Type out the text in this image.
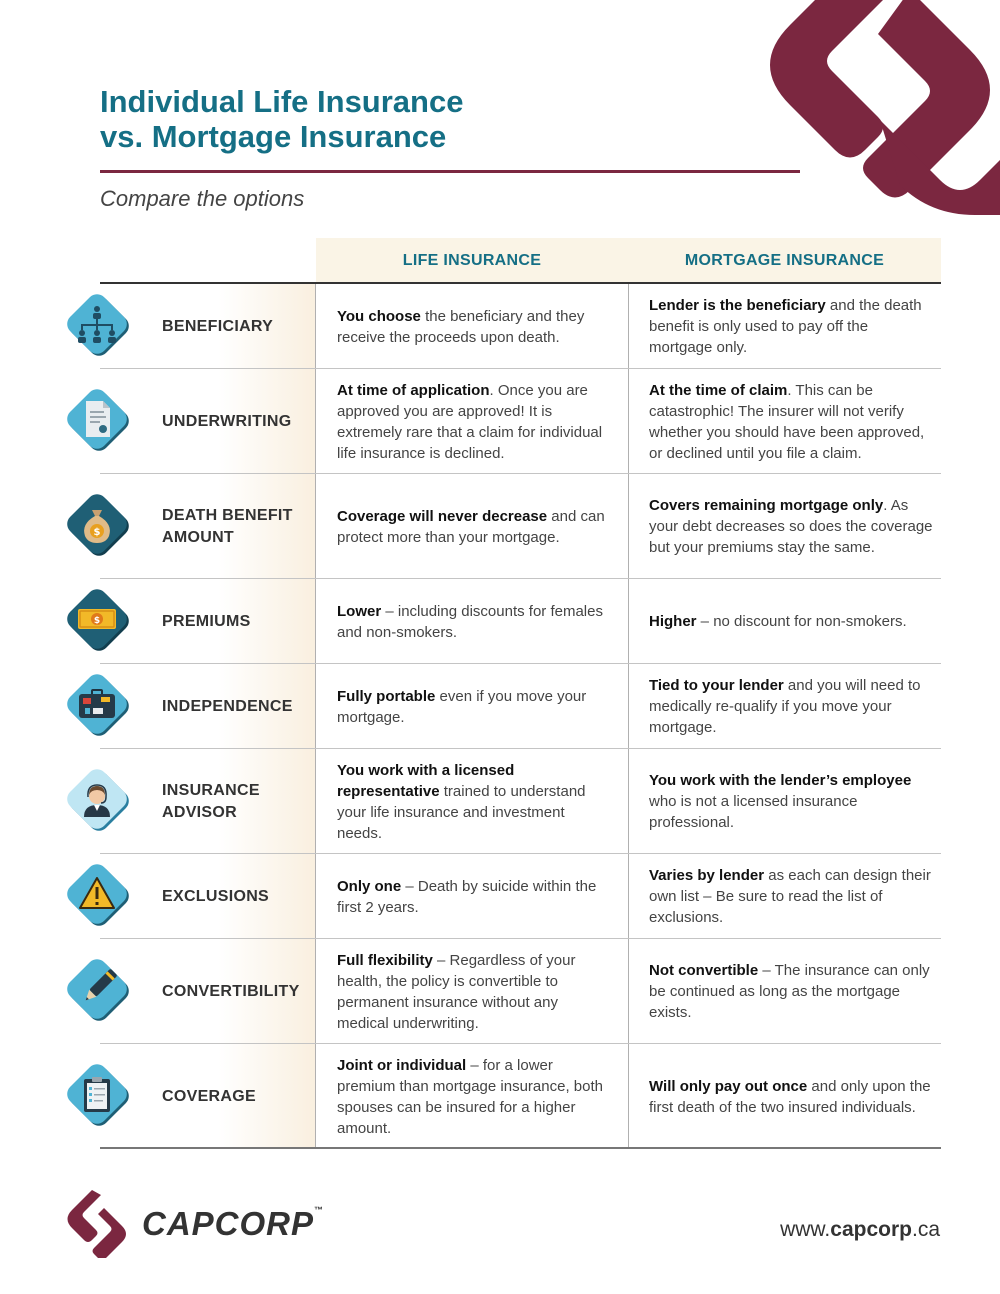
Individual Life Insurance
vs. Mortgage Insurance
Compare the options
LIFE INSURANCE	MORTGAGE INSURANCE
BENEFICIARY
You choose the beneficiary and they receive the proceeds upon death.
Lender is the beneficiary and the death benefit is only used to pay off the mortgage only.
UNDERWRITING
At time of application. Once you are approved you are approved! It is extremely rare that a claim for individual life insurance is declined.
At the time of claim. This can be catastrophic! The insurer will not verify whether you should have been approved, or declined until you file a claim.
$
DEATH BENEFIT AMOUNT
Coverage will never decrease and can protect more than your mortgage.
Covers remaining mortgage only. As your debt decreases so does the coverage but your premiums stay the same.
$	PREMIUMS
Lower – including discounts for females and non-smokers.
Higher – no discount for non-smokers.
INDEPENDENCE
Fully portable even if you move your mortgage.
Tied to your lender and you will need to medically re-qualify if you move your mortgage.
INSURANCE ADVISOR
You work with a licensed representative trained to understand your life insurance and investment needs.
You work with the lender’s employee who is not a licensed insurance professional.
EXCLUSIONS
Only one – Death by suicide within the first 2 years.
Varies by lender as each can design their own list – Be sure to read the list of exclusions.
CONVERTIBILITY
Full flexibility – Regardless of your health, the policy is convertible to permanent insurance without any medical underwriting.
Not convertible – The insurance can only be continued as long as the mortgage exists.
COVERAGE
Joint or individual – for a lower premium than mortgage insurance, both spouses can be insured for a higher amount.
Will only pay out once and only upon the first death of the two insured individuals.
CAPCORP™
www.capcorp.ca
